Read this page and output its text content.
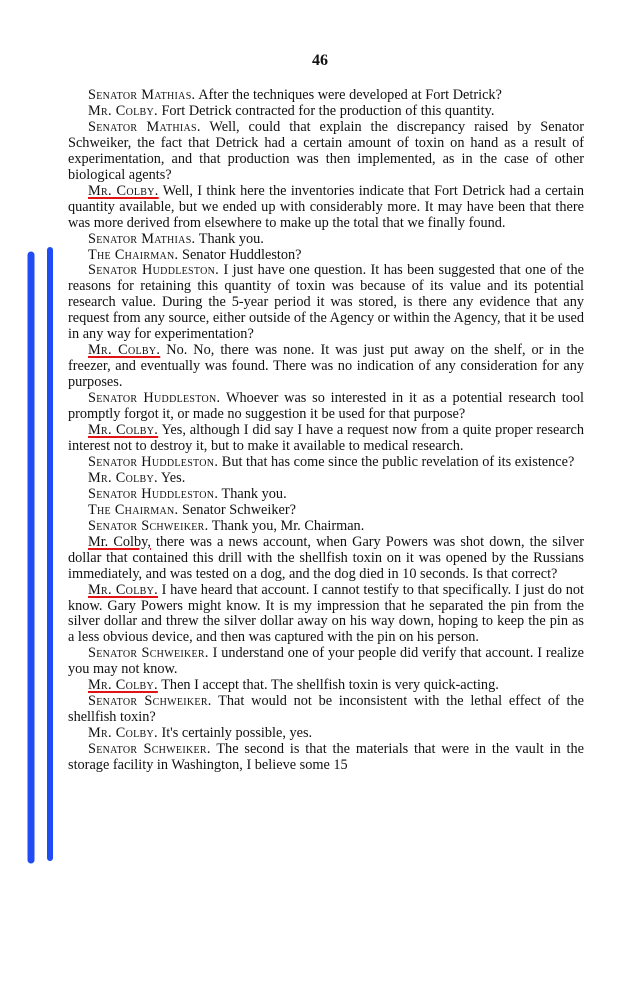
46

Senator Mathias. After the techniques were developed at Fort Detrick?

Mr. Colby. Fort Detrick contracted for the production of this quantity.

Senator Mathias. Well, could that explain the discrepancy raised by Senator Schweiker, the fact that Detrick had a certain amount of toxin on hand as a result of experimentation, and that production was then implemented, as in the case of other biological agents?

Mr. Colby. Well, I think here the inventories indicate that Fort Detrick had a certain quantity available, but we ended up with considerably more. It may have been that there was more derived from elsewhere to make up the total that we finally found.

Senator Mathias. Thank you.

The Chairman. Senator Huddleston?

Senator Huddleston. I just have one question. It has been suggested that one of the reasons for retaining this quantity of toxin was because of its value and its potential research value. During the 5-year period it was stored, is there any evidence that any request from any source, either outside of the Agency or within the Agency, that it be used in any way for experimentation?

Mr. Colby. No. No, there was none. It was just put away on the shelf, or in the freezer, and eventually was found. There was no indication of any consideration for any purposes.

Senator Huddleston. Whoever was so interested in it as a potential research tool promptly forgot it, or made no suggestion it be used for that purpose?

Mr. Colby. Yes, although I did say I have a request now from a quite proper research interest not to destroy it, but to make it available to medical research.

Senator Huddleston. But that has come since the public revelation of its existence?

Mr. Colby. Yes.

Senator Huddleston. Thank you.

The Chairman. Senator Schweiker?

Senator Schweiker. Thank you, Mr. Chairman.

Mr. Colby, there was a news account, when Gary Powers was shot down, the silver dollar that contained this drill with the shellfish toxin on it was opened by the Russians immediately, and was tested on a dog, and the dog died in 10 seconds. Is that correct?

Mr. Colby. I have heard that account. I cannot testify to that specifically. I just do not know. Gary Powers might know. It is my impression that he separated the pin from the silver dollar and threw the silver dollar away on his way down, hoping to keep the pin as a less obvious device, and then was captured with the pin on his person.

Senator Schweiker. I understand one of your people did verify that account. I realize you may not know.

Mr. Colby. Then I accept that. The shellfish toxin is very quick-acting.

Senator Schweiker. That would not be inconsistent with the lethal effect of the shellfish toxin?

Mr. Colby. It's certainly possible, yes.

Senator Schweiker. The second is that the materials that were in the vault in the storage facility in Washington, I believe some 15
